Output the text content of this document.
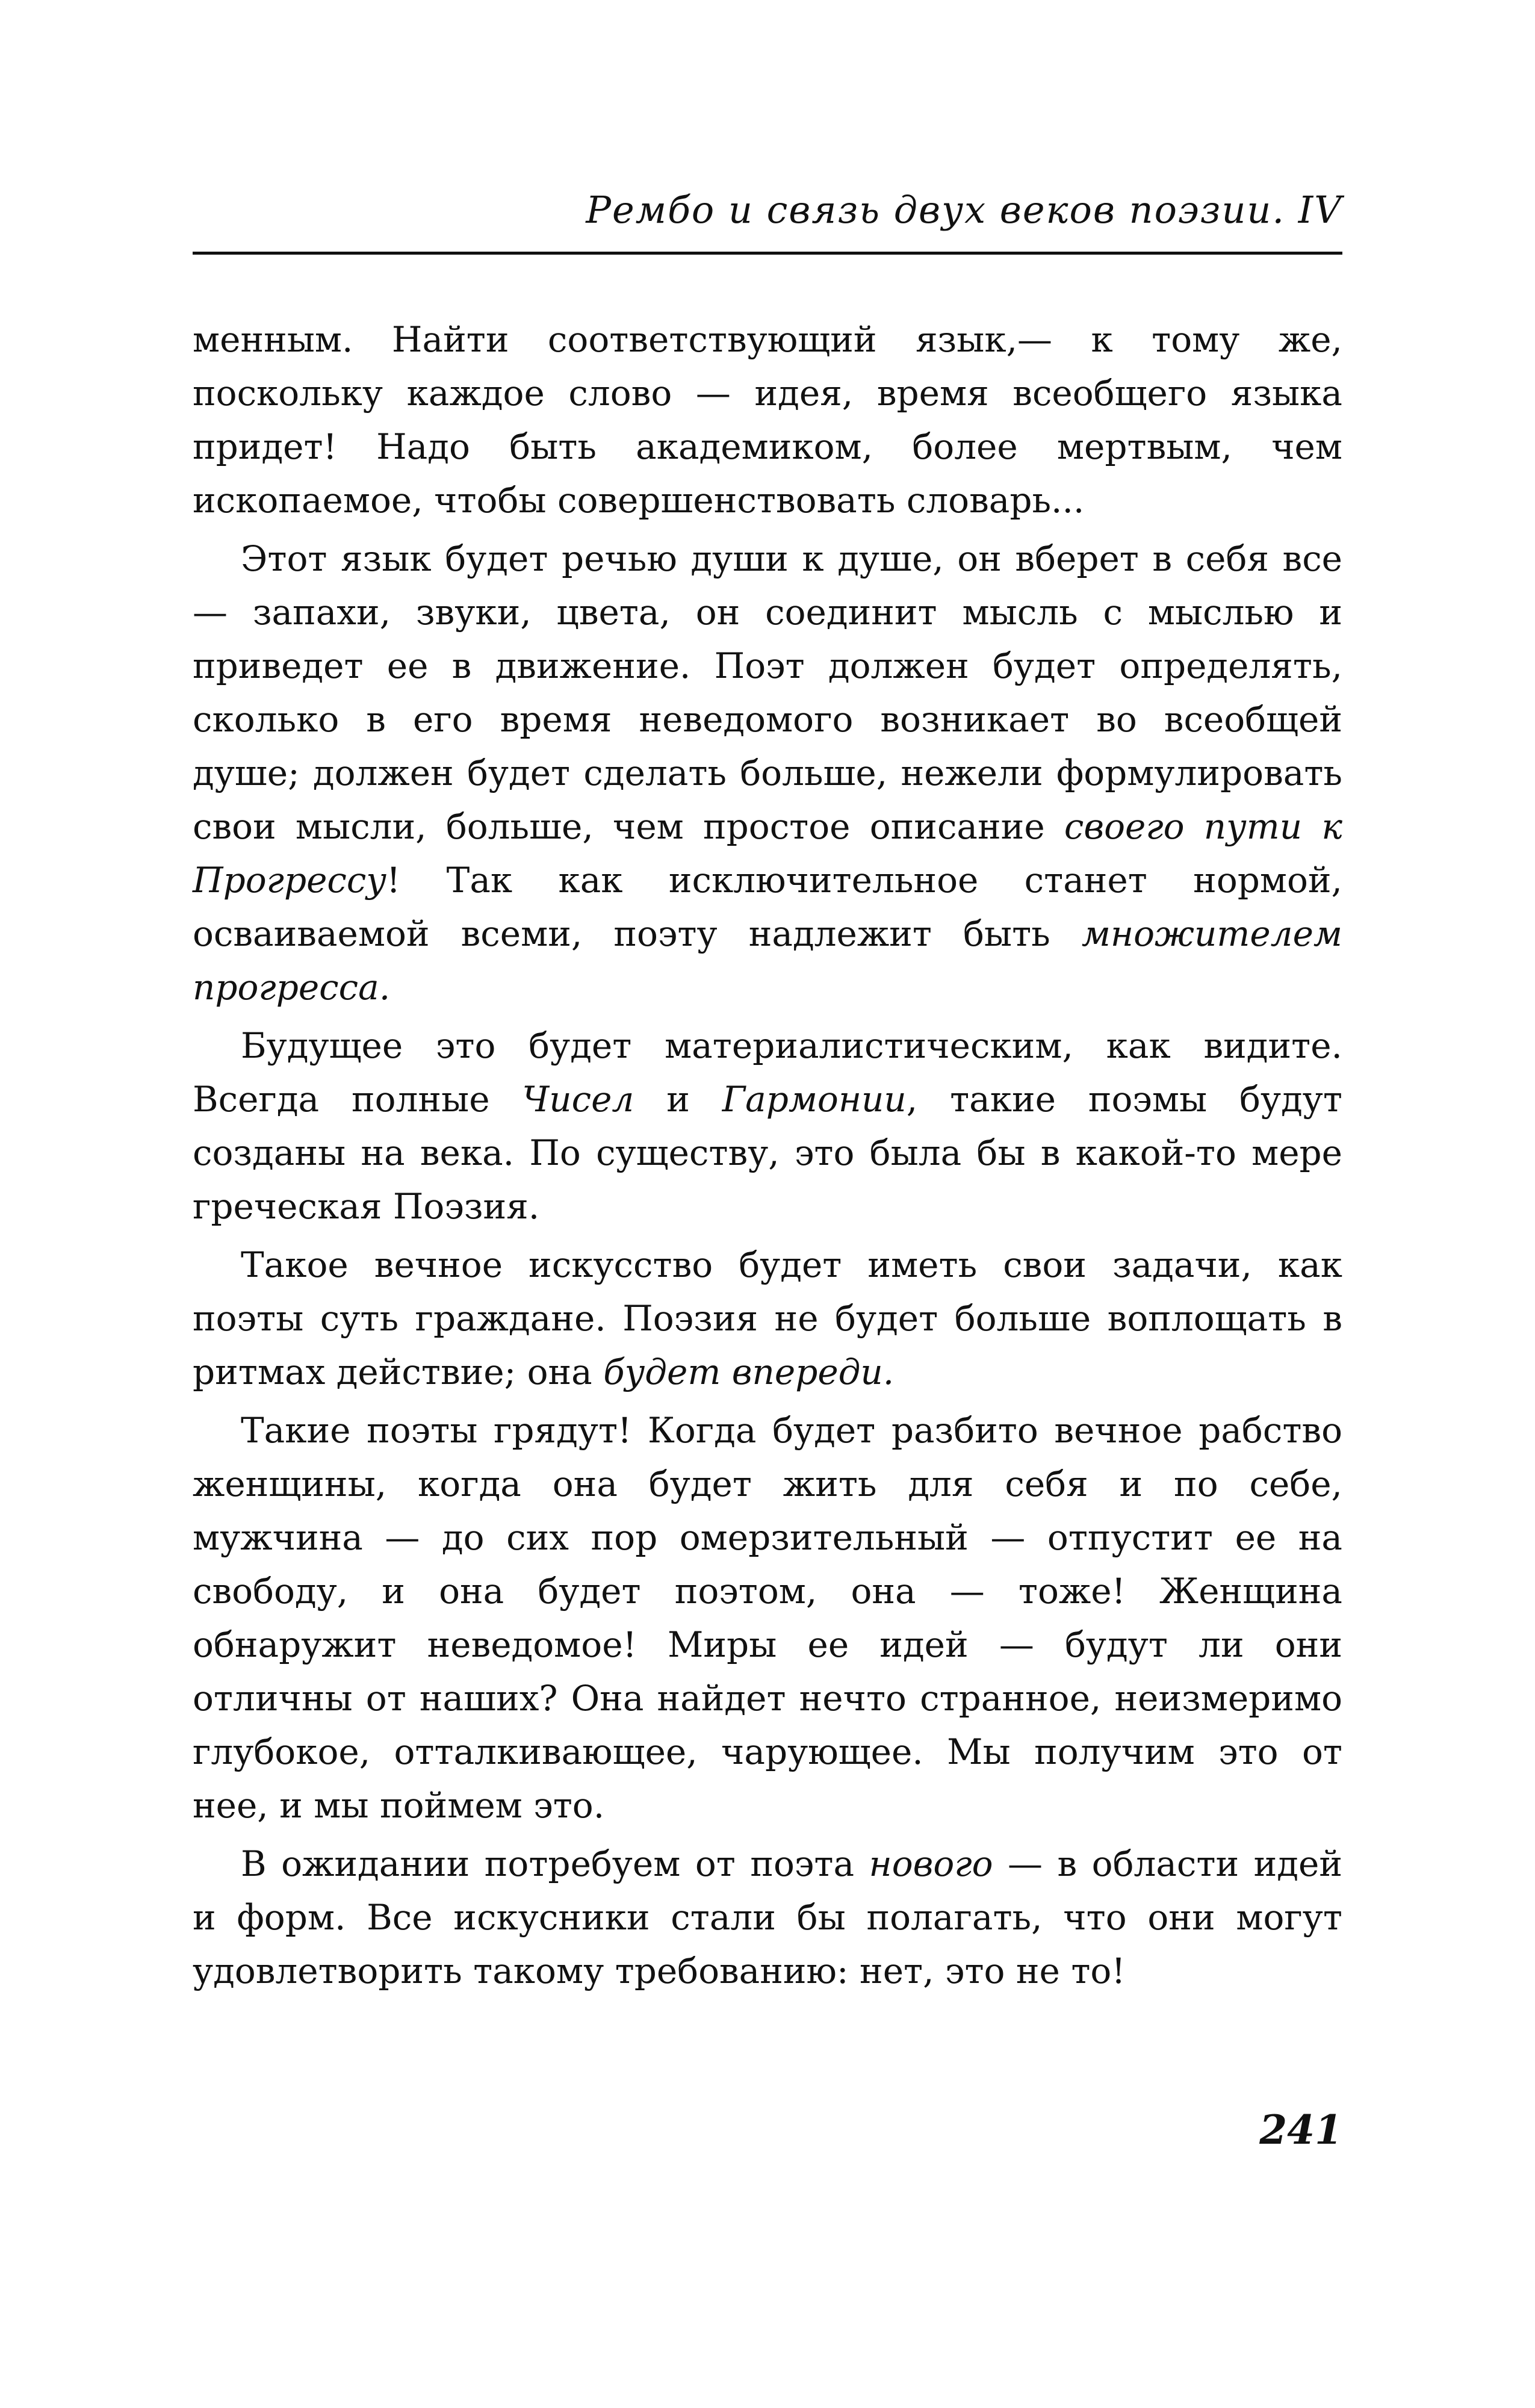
Рембо и связь двух веков поэзии. IV

менным. Найти соответствующий язык,— к тому же, поскольку каждое слово — идея, время всеобщего языка придет! Надо быть академиком, более мертвым, чем ископаемое, чтобы совершенствовать словарь...

Этот язык будет речью души к душе, он вберет в себя все — запахи, звуки, цвета, он соединит мысль с мыслью и приведет ее в движение. Поэт должен будет определять, сколько в его время неведомого возникает во всеобщей душе; должен будет сделать больше, нежели формулировать свои мысли, больше, чем простое описание своего пути к Прогрессу! Так как исключительное станет нормой, осваиваемой всеми, поэту надлежит быть множителем прогресса.

Будущее это будет материалистическим, как видите. Всегда полные Чисел и Гармонии, такие поэмы будут созданы на века. По существу, это была бы в какой-то мере греческая Поэзия.

Такое вечное искусство будет иметь свои задачи, как поэты суть граждане. Поэзия не будет больше воплощать в ритмах действие; она будет впереди.

Такие поэты грядут! Когда будет разбито вечное рабство женщины, когда она будет жить для себя и по себе, мужчина — до сих пор омерзительный — отпустит ее на свободу, и она будет поэтом, она — тоже! Женщина обнаружит неведомое! Миры ее идей — будут ли они отличны от наших? Она найдет нечто странное, неизмеримо глубокое, отталкивающее, чарующее. Мы получим это от нее, и мы поймем это.

В ожидании потребуем от поэта нового — в области идей и форм. Все искусники стали бы полагать, что они могут удовлетворить такому требованию: нет, это не то!

241
